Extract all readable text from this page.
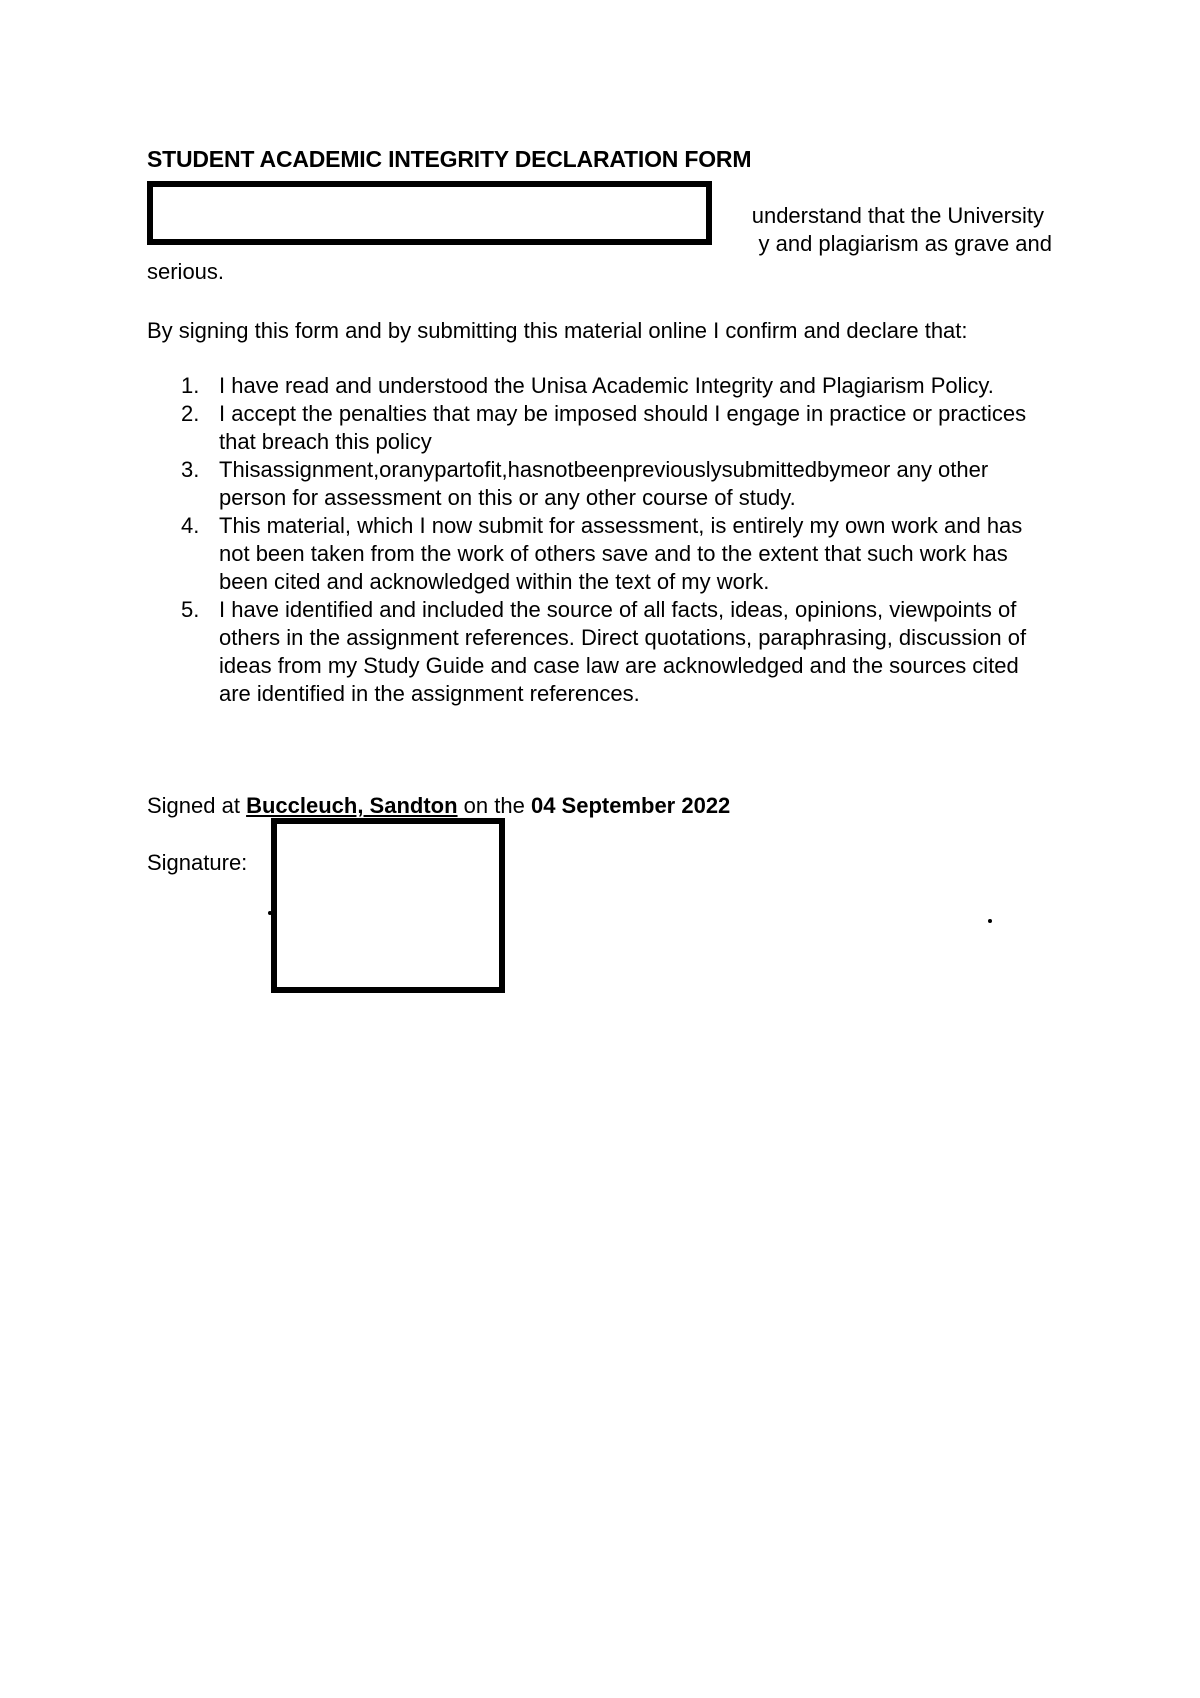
STUDENT ACADEMIC INTEGRITY DECLARATION FORM

understand that the University
y and plagiarism as grave and
serious.

By signing this form and by submitting this material online I confirm and declare that:

1. I have read and understood the Unisa Academic Integrity and Plagiarism Policy.
2. I accept the penalties that may be imposed should I engage in practice or practices that breach this policy
3. Thisassignment,oranypartofit,hasnotbeenpreviouslysubmittedbymeor any other person for assessment on this or any other course of study.
4. This material, which I now submit for assessment, is entirely my own work and has not been taken from the work of others save and to the extent that such work has been cited and acknowledged within the text of my work.
5. I have identified and included the source of all facts, ideas, opinions, viewpoints of others in the assignment references. Direct quotations, paraphrasing, discussion of ideas from my Study Guide and case law are acknowledged and the sources cited are identified in the assignment references.

Signed at Buccleuch, Sandton on the 04 September 2022

Signature:
